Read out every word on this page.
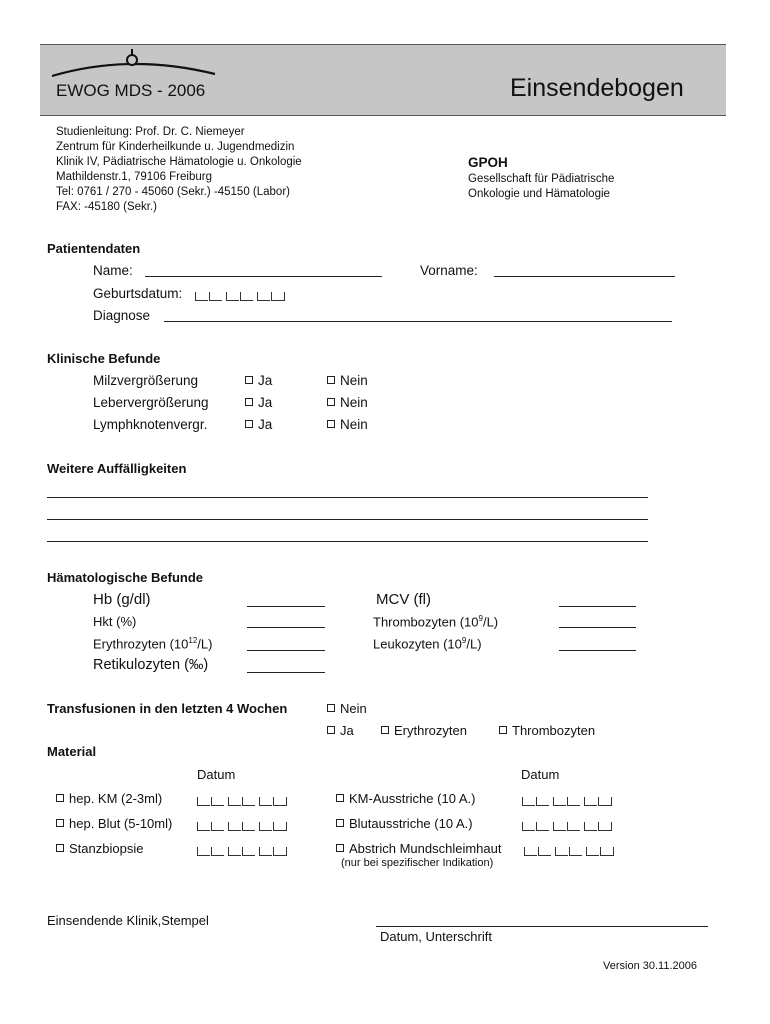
EWOG MDS - 2006	Einsendebogen
Studienleitung: Prof. Dr. C. Niemeyer
Zentrum für Kinderheilkunde u. Jugendmedizin
Klinik IV, Pädiatrische Hämatologie u. Onkologie
Mathildenstr.1, 79106 Freiburg
Tel: 0761 / 270 - 45060 (Sekr.) -45150 (Labor)
FAX: -45180 (Sekr.)
GPOH
Gesellschaft für Pädiatrische
Onkologie und Hämatologie
Patientendaten
Name:	Vorname:
Geburtsdatum:
Diagnose
Klinische Befunde
Milzvergrößerung	Ja	Nein
Lebervergrößerung	Ja	Nein
Lymphknotenvergr.	Ja	Nein
Weitere Auffälligkeiten
Hämatologische Befunde
Hb (g/dl)	MCV (fl)
Hkt (%)	Thrombozyten $(10^9/L)$
Erythrozyten $(10^{12}/L)$	Leukozyten $(10^9/L)$
Retikulozyten (‰)
Transfusionen in den letzten 4 Wochen	Nein
Ja	Erythrozyten	Thrombozyten
Material
Datum	Datum
hep. KM (2-3ml)	KM-Ausstriche (10 A.)
hep. Blut (5-10ml)	Blutausstriche (10 A.)
Stanzbiopsie	Abstrich Mundschleimhaut
(nur bei spezifischer Indikation)
Einsendende Klinik,Stempel
Datum, Unterschrift
Version 30.11.2006
